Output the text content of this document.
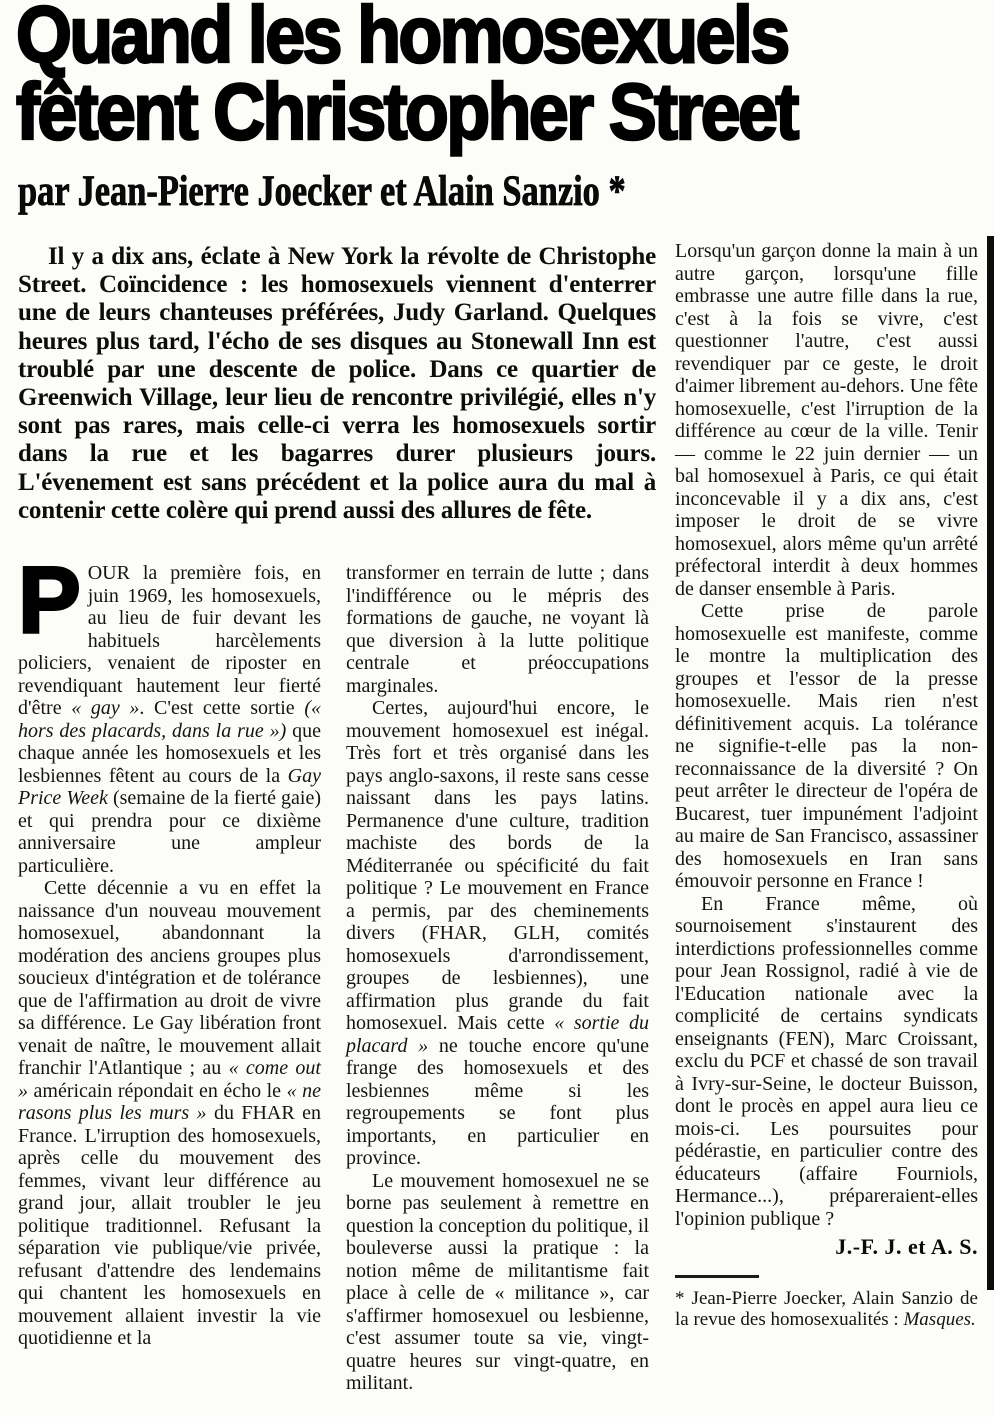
Quand les homosexuels
fêtent Christopher Street
par Jean-Pierre Joecker et Alain Sanzio *

Il y a dix ans, éclate à New York la révolte de Christophe Street. Coïncidence : les homosexuels viennent d'enterrer une de leurs chanteuses préférées, Judy Garland. Quelques heures plus tard, l'écho de ses disques au Stonewall Inn est troublé par une descente de police. Dans ce quartier de Greenwich Village, leur lieu de rencontre privilégié, elles n'y sont pas rares, mais celle-ci verra les homosexuels sortir dans la rue et les bagarres durer plusieurs jours. L'évenement est sans précédent et la police aura du mal à contenir cette colère qui prend aussi des allures de fête.

POUR la première fois, en juin 1969, les homosexuels, au lieu de fuir devant les habituels harcèlements policiers, venaient de riposter en revendiquant hautement leur fierté d'être « gay ». C'est cette sortie (« hors des placards, dans la rue ») que chaque année les homosexuels et les lesbiennes fêtent au cours de la Gay Price Week (semaine de la fierté gaie) et qui prendra pour ce dixième anniversaire une ampleur particulière.

Cette décennie a vu en effet la naissance d'un nouveau mouvement homosexuel, abandonnant la modération des anciens groupes plus soucieux d'intégration et de tolérance que de l'affirmation au droit de vivre sa différence. Le Gay libération front venait de naître, le mouvement allait franchir l'Atlantique ; au « come out » américain répondait en écho le « ne rasons plus les murs » du FHAR en France. L'irruption des homosexuels, après celle du mouvement des femmes, vivant leur différence au grand jour, allait troubler le jeu politique traditionnel. Refusant la séparation vie publique/vie privée, refusant d'attendre des lendemains qui chantent les homosexuels en mouvement allaient investir la vie quotidienne et la

transformer en terrain de lutte ; dans l'indifférence ou le mépris des formations de gauche, ne voyant là que diversion à la lutte politique centrale et préoccupations marginales.

Certes, aujourd'hui encore, le mouvement homosexuel est inégal. Très fort et très organisé dans les pays anglo-saxons, il reste sans cesse naissant dans les pays latins. Permanence d'une culture, tradition machiste des bords de la Méditerranée ou spécificité du fait politique ? Le mouvement en France a permis, par des cheminements divers (FHAR, GLH, comités homosexuels d'arrondissement, groupes de lesbiennes), une affirmation plus grande du fait homosexuel. Mais cette « sortie du placard » ne touche encore qu'une frange des homosexuels et des lesbiennes même si les regroupements se font plus importants, en particulier en province.

Le mouvement homosexuel ne se borne pas seulement à remettre en question la conception du politique, il bouleverse aussi la pratique : la notion même de militantisme fait place à celle de « militance », car s'affirmer homosexuel ou lesbienne, c'est assumer toute sa vie, vingt-quatre heures sur vingt-quatre, en militant.

Lorsqu'un garçon donne la main à un autre garçon, lorsqu'une fille embrasse une autre fille dans la rue, c'est à la fois se vivre, c'est questionner l'autre, c'est aussi revendiquer par ce geste, le droit d'aimer librement au-dehors. Une fête homosexuelle, c'est l'irruption de la différence au cœur de la ville. Tenir — comme le 22 juin dernier — un bal homosexuel à Paris, ce qui était inconcevable il y a dix ans, c'est imposer le droit de se vivre homosexuel, alors même qu'un arrêté préfectoral interdit à deux hommes de danser ensemble à Paris.

Cette prise de parole homosexuelle est manifeste, comme le montre la multiplication des groupes et l'essor de la presse homosexuelle. Mais rien n'est définitivement acquis. La tolérance ne signifie-t-elle pas la non-reconnaissance de la diversité ? On peut arrêter le directeur de l'opéra de Bucarest, tuer impunément l'adjoint au maire de San Francisco, assassiner des homosexuels en Iran sans émouvoir personne en France !

En France même, où sournoisement s'instaurent des interdictions professionnelles comme pour Jean Rossignol, radié à vie de l'Education nationale avec la complicité de certains syndicats enseignants (FEN), Marc Croissant, exclu du PCF et chassé de son travail à Ivry-sur-Seine, le docteur Buisson, dont le procès en appel aura lieu ce mois-ci. Les poursuites pour pédérastie, en particulier contre des éducateurs (affaire Fourniols, Hermance...), prépareraient-elles l'opinion publique ?

J.-F. J. et A. S.

* Jean-Pierre Joecker, Alain Sanzio de la revue des homosexualités : Masques.
